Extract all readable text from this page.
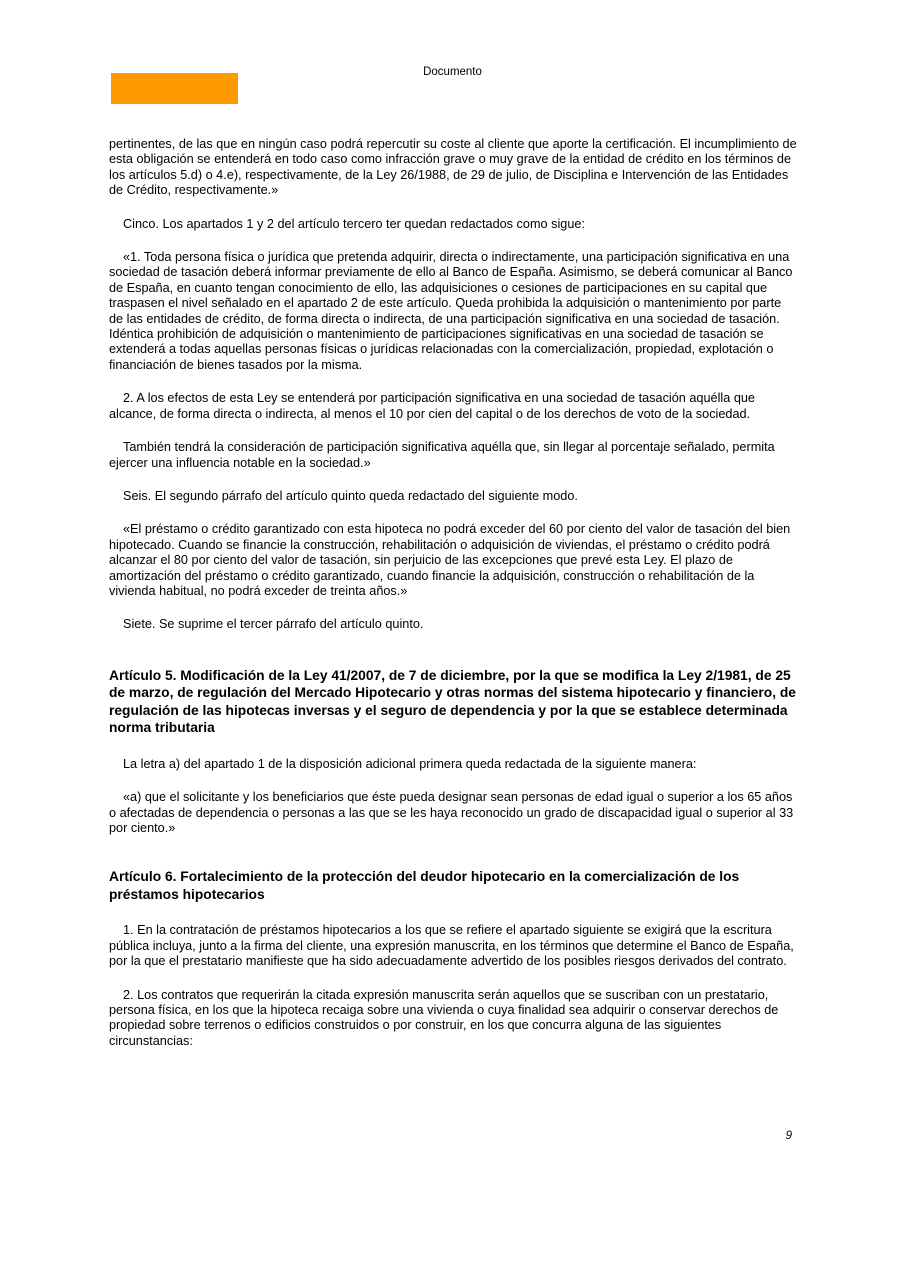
Documento

pertinentes, de las que en ningún caso podrá repercutir su coste al cliente que aporte la certificación. El incumplimiento de esta obligación se entenderá en todo caso como infracción grave o muy grave de la entidad de crédito en los términos de los artículos 5.d) o 4.e), respectivamente, de la Ley 26/1988, de 29 de julio, de Disciplina e Intervención de las Entidades de Crédito, respectivamente.»

Cinco. Los apartados 1 y 2 del artículo tercero ter quedan redactados como sigue:

«1. Toda persona física o jurídica que pretenda adquirir, directa o indirectamente, una participación significativa en una sociedad de tasación deberá informar previamente de ello al Banco de España. Asimismo, se deberá comunicar al Banco de España, en cuanto tengan conocimiento de ello, las adquisiciones o cesiones de participaciones en su capital que traspasen el nivel señalado en el apartado 2 de este artículo. Queda prohibida la adquisición o mantenimiento por parte de las entidades de crédito, de forma directa o indirecta, de una participación significativa en una sociedad de tasación. Idéntica prohibición de adquisición o mantenimiento de participaciones significativas en una sociedad de tasación se extenderá a todas aquellas personas físicas o jurídicas relacionadas con la comercialización, propiedad, explotación o financiación de bienes tasados por la misma.

2. A los efectos de esta Ley se entenderá por participación significativa en una sociedad de tasación aquélla que alcance, de forma directa o indirecta, al menos el 10 por cien del capital o de los derechos de voto de la sociedad.

También tendrá la consideración de participación significativa aquélla que, sin llegar al porcentaje señalado, permita ejercer una influencia notable en la sociedad.»

Seis. El segundo párrafo del artículo quinto queda redactado del siguiente modo.

«El préstamo o crédito garantizado con esta hipoteca no podrá exceder del 60 por ciento del valor de tasación del bien hipotecado. Cuando se financie la construcción, rehabilitación o adquisición de viviendas, el préstamo o crédito podrá alcanzar el 80 por ciento del valor de tasación, sin perjuicio de las excepciones que prevé esta Ley. El plazo de amortización del préstamo o crédito garantizado, cuando financie la adquisición, construcción o rehabilitación de la vivienda habitual, no podrá exceder de treinta años.»

Siete. Se suprime el tercer párrafo del artículo quinto.

Artículo 5. Modificación de la Ley 41/2007, de 7 de diciembre, por la que se modifica la Ley 2/1981, de 25 de marzo, de regulación del Mercado Hipotecario y otras normas del sistema hipotecario y financiero, de regulación de las hipotecas inversas y el seguro de dependencia y por la que se establece determinada norma tributaria

La letra a) del apartado 1 de la disposición adicional primera queda redactada de la siguiente manera:

«a) que el solicitante y los beneficiarios que éste pueda designar sean personas de edad igual o superior a los 65 años o afectadas de dependencia o personas a las que se les haya reconocido un grado de discapacidad igual o superior al 33 por ciento.»

Artículo 6. Fortalecimiento de la protección del deudor hipotecario en la comercialización de los préstamos hipotecarios

1. En la contratación de préstamos hipotecarios a los que se refiere el apartado siguiente se exigirá que la escritura pública incluya, junto a la firma del cliente, una expresión manuscrita, en los términos que determine el Banco de España, por la que el prestatario manifieste que ha sido adecuadamente advertido de los posibles riesgos derivados del contrato.

2. Los contratos que requerirán la citada expresión manuscrita serán aquellos que se suscriban con un prestatario, persona física, en los que la hipoteca recaiga sobre una vivienda o cuya finalidad sea adquirir o conservar derechos de propiedad sobre terrenos o edificios construidos o por construir, en los que concurra alguna de las siguientes circunstancias:

9
